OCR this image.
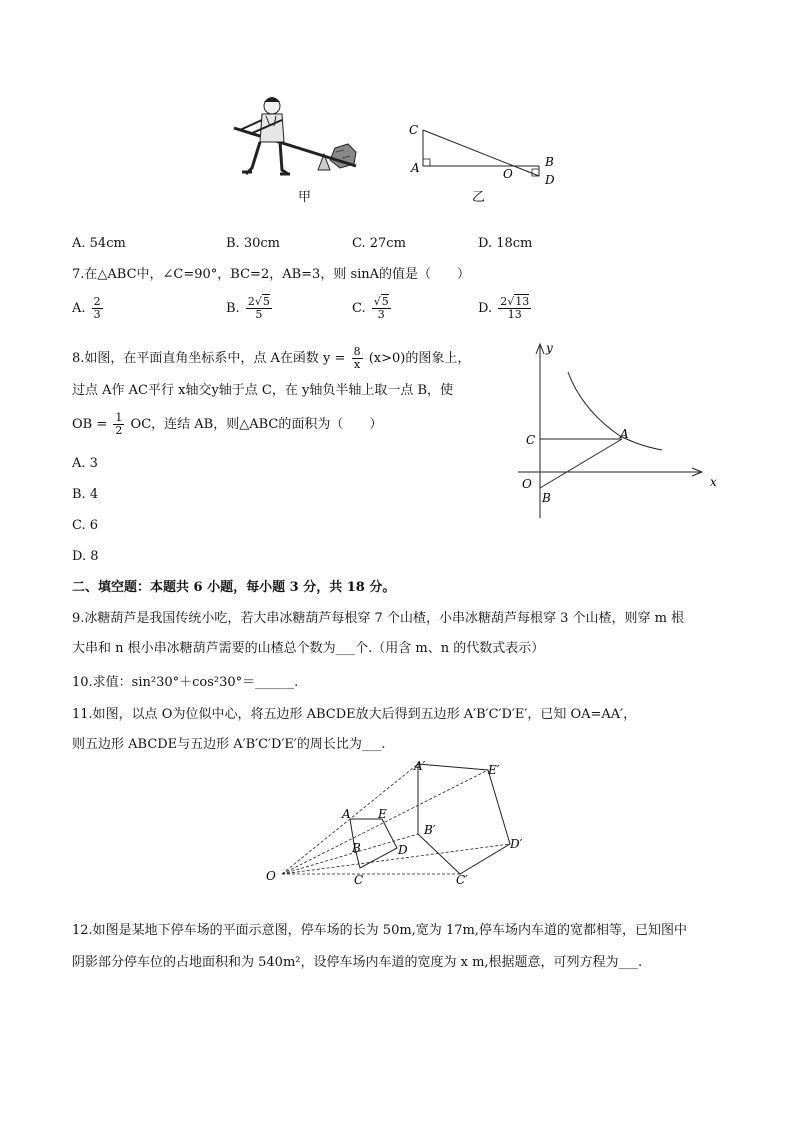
甲
C
A	O
B
D
乙
A. 54cm	B. 30cm	C. 27cm	D. 18cm
7.在△ABC中，∠C=90°，BC=2，AB=3，则 sinA的值是（　　）
A. $\frac{2}{3}$	B. $\frac{2√5}{5}$	C. $\frac{√5}{3}$	D. $\frac{2√13}{13}$
8.如图，在平面直角坐标系中，点 A在函数 $y = \frac{8}{x} (x>0)$的图象上，
过点 A作 AC平行 x轴交y轴于点 C，在 y轴负半轴上取一点 B，使
OB = $\frac{1}{2}$ OC，连结 AB，则△ABC的面积为（　　）
A. 3
B. 4
C. 6
D. 8
y
x
C	A
O
B
二、填空题：本题共 6 小题，每小题 3 分，共 18 分。
9.冰糖葫芦是我国传统小吃，若大串冰糖葫芦每根穿 7 个山楂，小串冰糖葫芦每根穿 3 个山楂，则穿 m 根
大串和 n 根小串冰糖葫芦需要的山楂总个数为___个.（用含 m、n 的代数式表示）
10.求值：sin²30°＋cos²30°＝______.
11.如图，以点 O为位似中心，将五边形 ABCDE放大后得到五边形 A′B′C′D′E′，已知 OA=AA′，
则五边形 ABCDE与五边形 A′B′C′D′E′的周长比为___.
A′	E′
A E
B′
B	D	D′
O	C	C′
12.如图是某地下停车场的平面示意图，停车场的长为 50m,宽为 17m,停车场内车道的宽都相等，已知图中
阴影部分停车位的占地面积和为 540m²，设停车场内车道的宽度为 x m,根据题意，可列方程为___.
